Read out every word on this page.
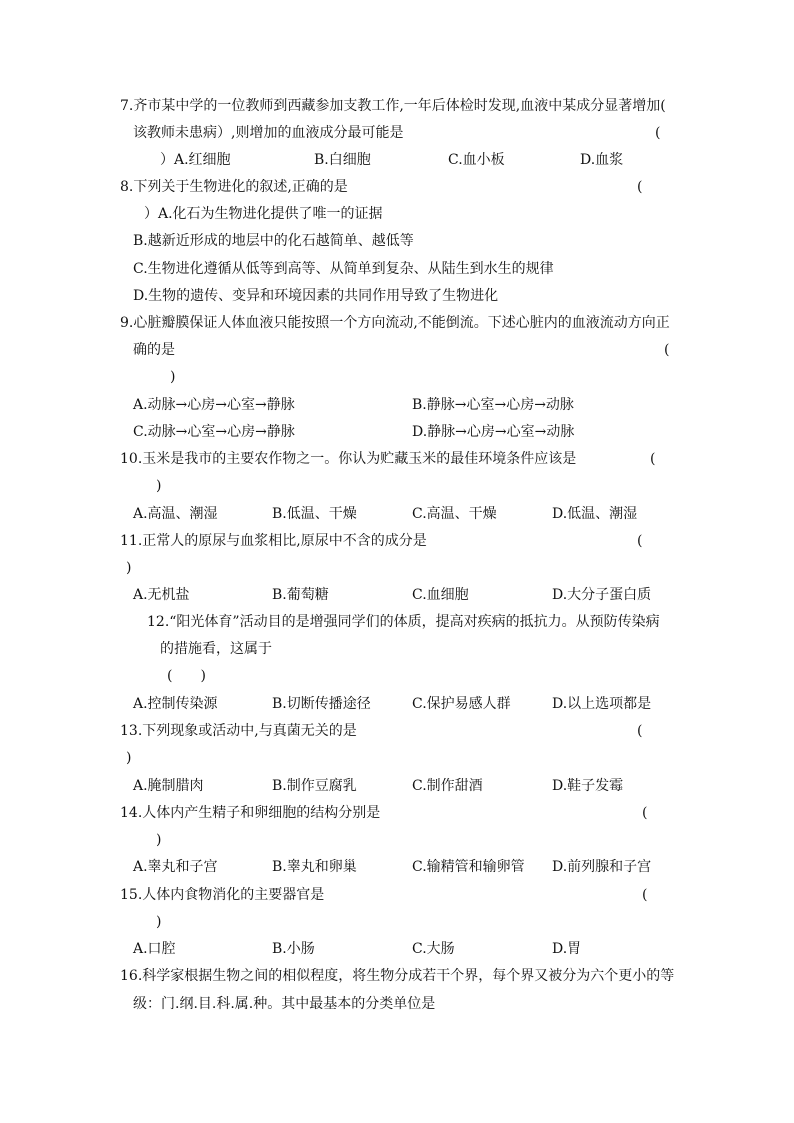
7.齐市某中学的一位教师到西藏参加支教工作,一年后体检时发现,血液中某成分显著增加(
该教师未患病）,则增加的血液成分最可能是	(
）A.红细胞	B.白细胞	C.血小板	D.血浆
8.下列关于生物进化的叙述,正确的是	(
）A.化石为生物进化提供了唯一的证据
B.越新近形成的地层中的化石越简单、越低等
C.生物进化遵循从低等到高等、从简单到复杂、从陆生到水生的规律
D.生物的遗传、变异和环境因素的共同作用导致了生物进化
9.心脏瓣膜保证人体血液只能按照一个方向流动,不能倒流。下述心脏内的血液流动方向正
确的是	(
)
A.动脉→心房→心室→静脉	B.静脉→心室→心房→动脉
C.动脉→心室→心房→静脉	D.静脉→心房→心室→动脉
10.玉米是我市的主要农作物之一。你认为贮藏玉米的最佳环境条件应该是	(
)
A.高温、潮湿	B.低温、干燥	C.高温、干燥	D.低温、潮湿
11.正常人的原尿与血浆相比,原尿中不含的成分是	(
)
A.无机盐	B.葡萄糖	C.血细胞	D.大分子蛋白质
12.“阳光体育”活动目的是增强同学们的体质，提高对疾病的抵抗力。从预防传染病
的措施看，这属于
(　　)
A.控制传染源	B.切断传播途径	C.保护易感人群	D.以上选项都是
13.下列现象或活动中,与真菌无关的是	(
)
A.腌制腊肉	B.制作豆腐乳	C.制作甜酒	D.鞋子发霉
14.人体内产生精子和卵细胞的结构分别是	(
)
A.睾丸和子宫	B.睾丸和卵巢	C.输精管和输卵管 D.前列腺和子宫
15.人体内食物消化的主要器官是	(
)
A.口腔	B.小肠	C.大肠	D.胃
16.科学家根据生物之间的相似程度，将生物分成若干个界，每个界又被分为六个更小的等
级：门.纲.目.科.属.种。其中最基本的分类单位是
